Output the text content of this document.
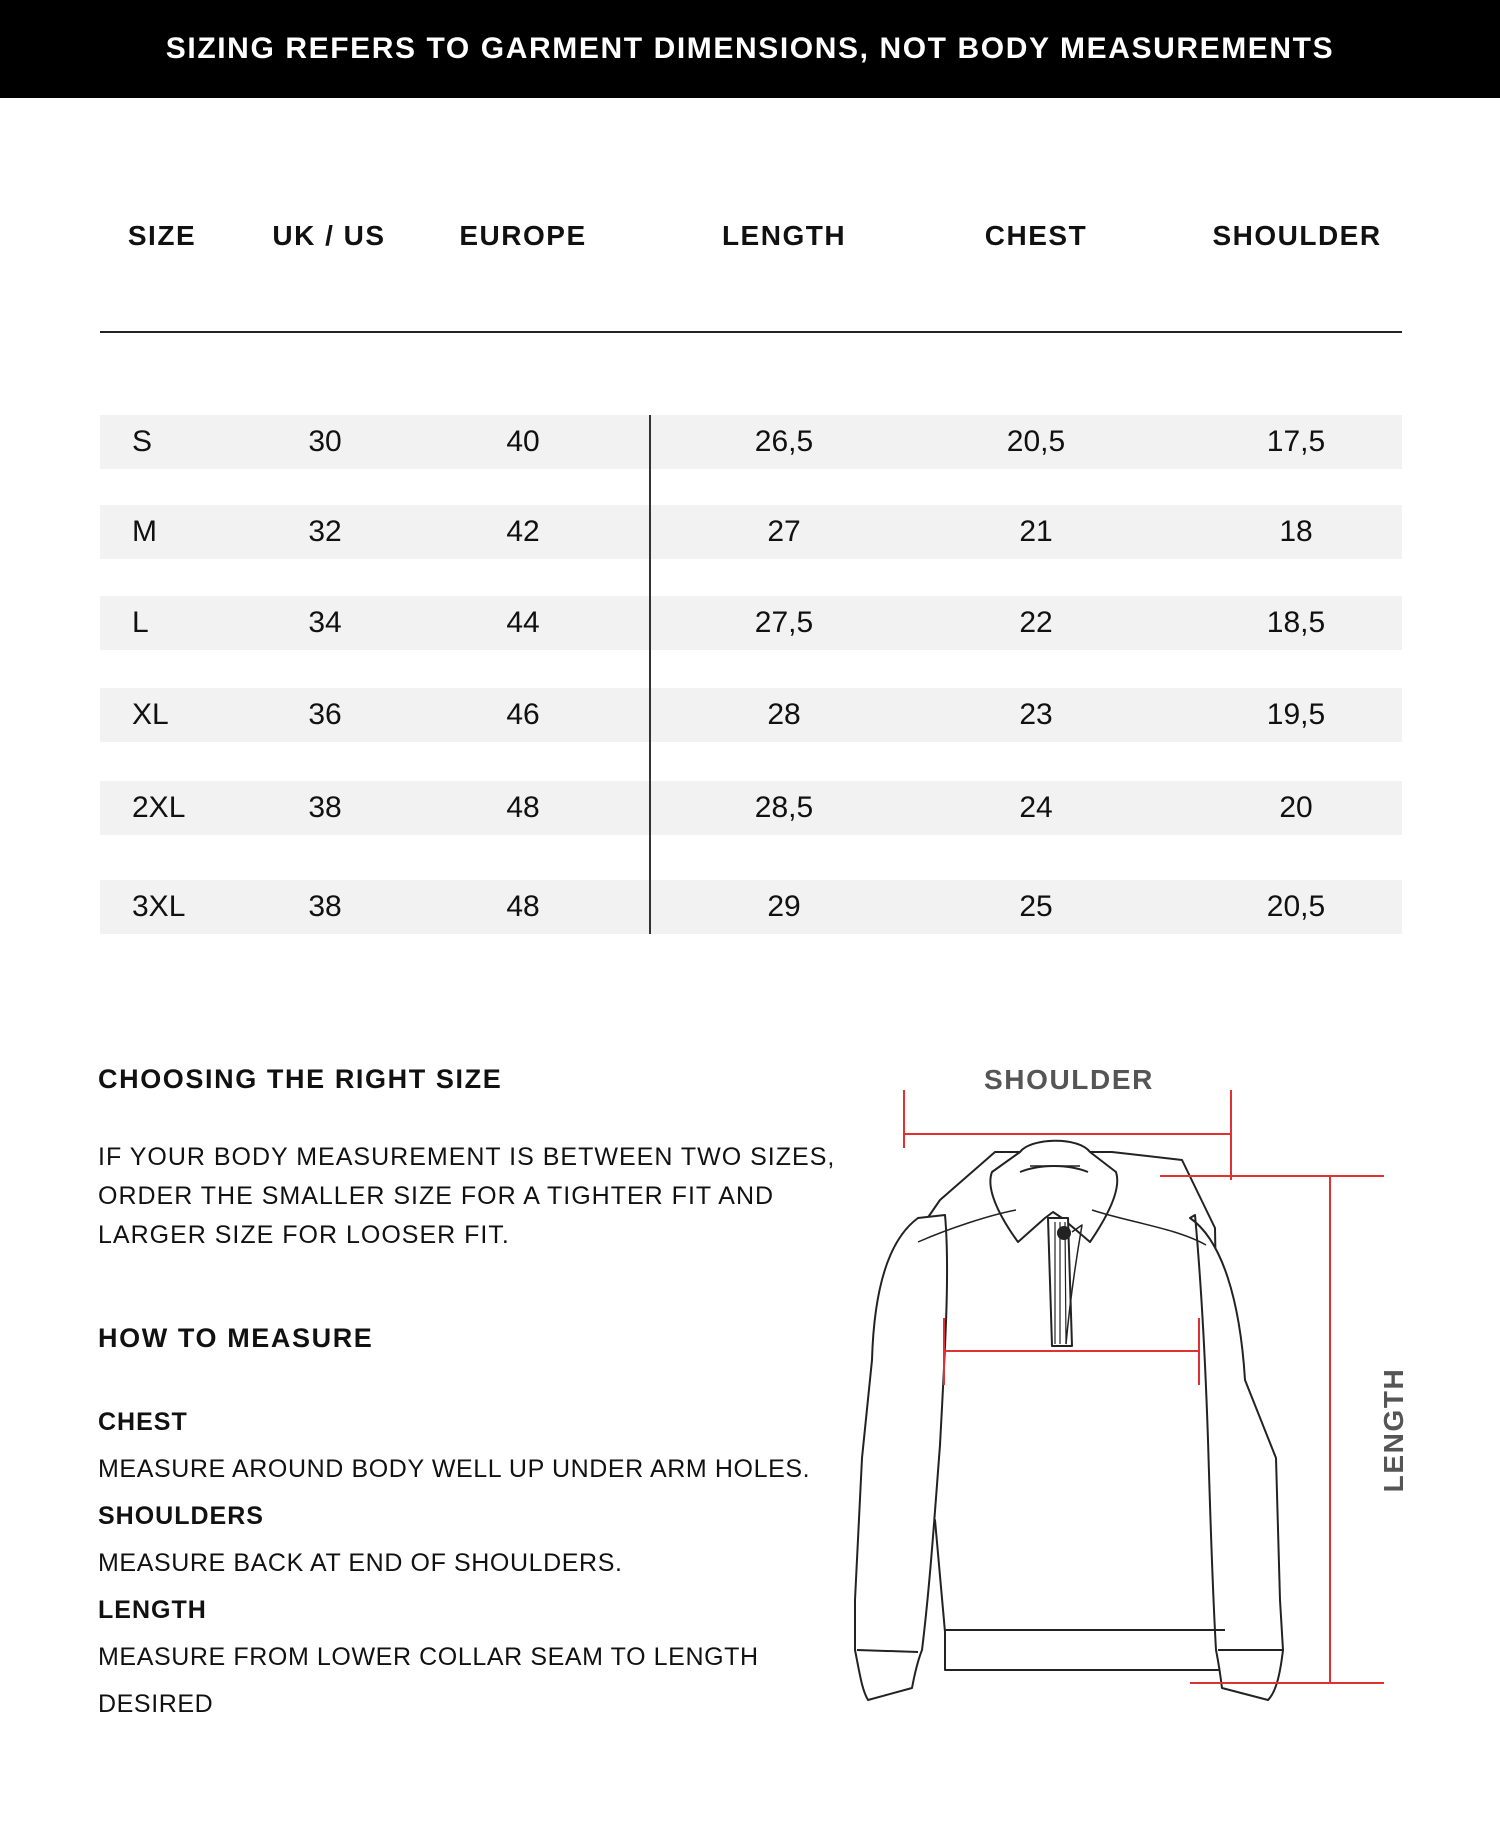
SIZING REFERS TO GARMENT DIMENSIONS, NOT BODY MEASUREMENTS
SIZE	UK / US	EUROPE	LENGTH	CHEST	SHOULDER
S	30	40	26,5	20,5	17,5
M	32	42	27	21	18
L	34	44	27,5	22	18,5
XL	36	46	28	23	19,5
2XL	38	48	28,5	24	20
3XL	38	48	29	25	20,5
CHOOSING THE RIGHT SIZE
IF YOUR BODY MEASUREMENT IS BETWEEN TWO SIZES,
ORDER THE SMALLER SIZE FOR A TIGHTER FIT AND
LARGER SIZE FOR LOOSER FIT.
HOW TO MEASURE
CHEST
MEASURE AROUND BODY WELL UP UNDER ARM HOLES.
SHOULDERS
MEASURE BACK AT END OF SHOULDERS.
LENGTH
MEASURE FROM LOWER COLLAR SEAM TO LENGTH
DESIRED
SHOULDER
LENGTH
